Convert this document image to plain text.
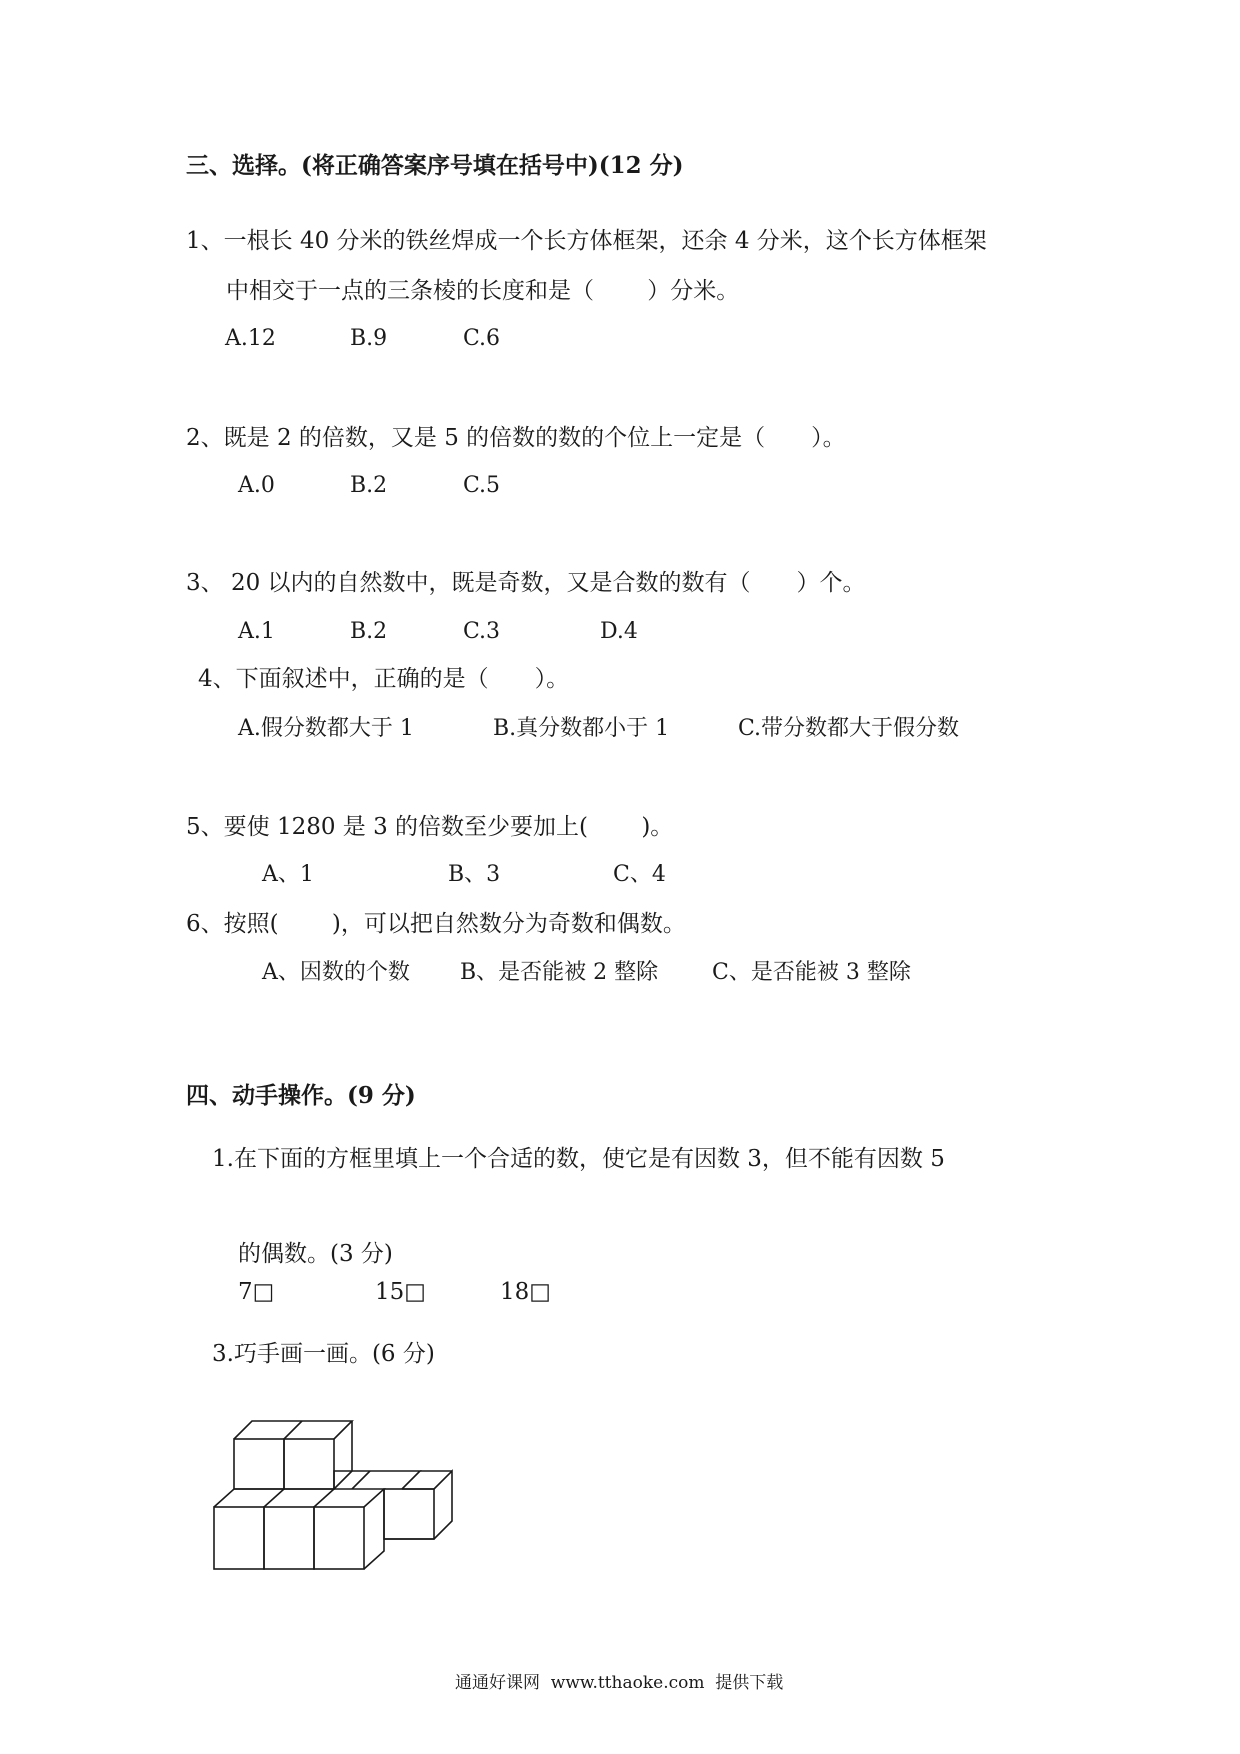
三、选择。(将正确答案序号填在括号中)(12 分)
1、一根长 40 分米的铁丝焊成一个长方体框架，还余 4 分米，这个长方体框架
中相交于一点的三条棱的长度和是（　　 ）分米。
A.12	B.9	C.6
2、既是 2 的倍数，又是 5 的倍数的数的个位上一定是（　　）。
A.0	B.2	C.5
3、 20 以内的自然数中，既是奇数，又是合数的数有（　　）个。
A.1	B.2	C.3	D.4
4、下面叙述中，正确的是（　　）。
A.假分数都大于 1	B.真分数都小于 1	C.带分数都大于假分数
5、要使 1280 是 3 的倍数至少要加上(　　 )。
A、1	B、3	C、4
6、按照(　　 )，可以把自然数分为奇数和偶数。
A、因数的个数 B、是否能被 2 整除 C、是否能被 3 整除
四、动手操作。(9 分)
1.在下面的方框里填上一个合适的数，使它是有因数 3，但不能有因数 5
的偶数。(3 分)
7□	15□	18□
3.巧手画一画。(6 分)
通通好课网  www.tthaoke.com  提供下载
